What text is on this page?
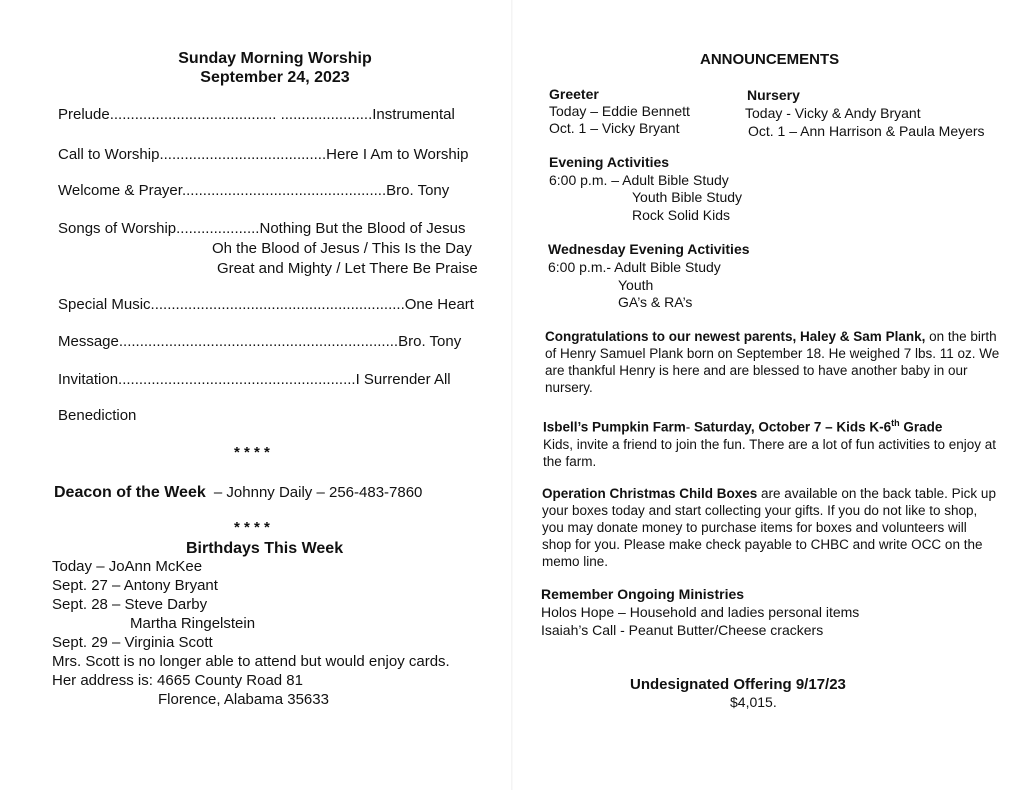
Sunday Morning Worship
September 24, 2023
Prelude........................................ ......................Instrumental
Call to Worship........................................Here I Am to Worship
Welcome & Prayer.................................................Bro. Tony
Songs of Worship....................Nothing But the Blood of Jesus
Oh the Blood of Jesus / This Is the Day
Great and Mighty / Let There Be Praise
Special Music.............................................................One Heart
Message...................................................................Bro. Tony
Invitation.........................................................I Surrender All
Benediction
* * * *
Deacon of the Week – Johnny Daily – 256-483-7860
* * * *
Birthdays This Week
Today – JoAnn McKee
Sept. 27 – Antony Bryant
Sept. 28 – Steve Darby
Martha Ringelstein
Sept. 29 – Virginia Scott
Mrs. Scott is no longer able to attend but would enjoy cards.
Her address is: 4665 County Road 81
Florence, Alabama 35633
ANNOUNCEMENTS
Greeter
Today – Eddie Bennett
Oct. 1 – Vicky Bryant
Nursery
Today - Vicky & Andy Bryant
Oct. 1 – Ann Harrison & Paula Meyers
Evening Activities
6:00 p.m. – Adult Bible Study
Youth Bible Study
Rock Solid Kids
Wednesday Evening Activities
6:00 p.m.- Adult Bible Study
Youth
GA’s & RA’s
Congratulations to our newest parents, Haley & Sam Plank, on the birth of Henry Samuel Plank born on September 18. He weighed 7 lbs. 11 oz. We are thankful Henry is here and are blessed to have another baby in our nursery.
Isbell’s Pumpkin Farm- Saturday, October 7 – Kids K-6th Grade
Kids, invite a friend to join the fun. There are a lot of fun activities to enjoy at the farm.
Operation Christmas Child Boxes are available on the back table. Pick up your boxes today and start collecting your gifts. If you do not like to shop, you may donate money to purchase items for boxes and volunteers will shop for you. Please make check payable to CHBC and write OCC on the memo line.
Remember Ongoing Ministries
Holos Hope – Household and ladies personal items
Isaiah’s Call - Peanut Butter/Cheese crackers
Undesignated Offering 9/17/23
$4,015.
